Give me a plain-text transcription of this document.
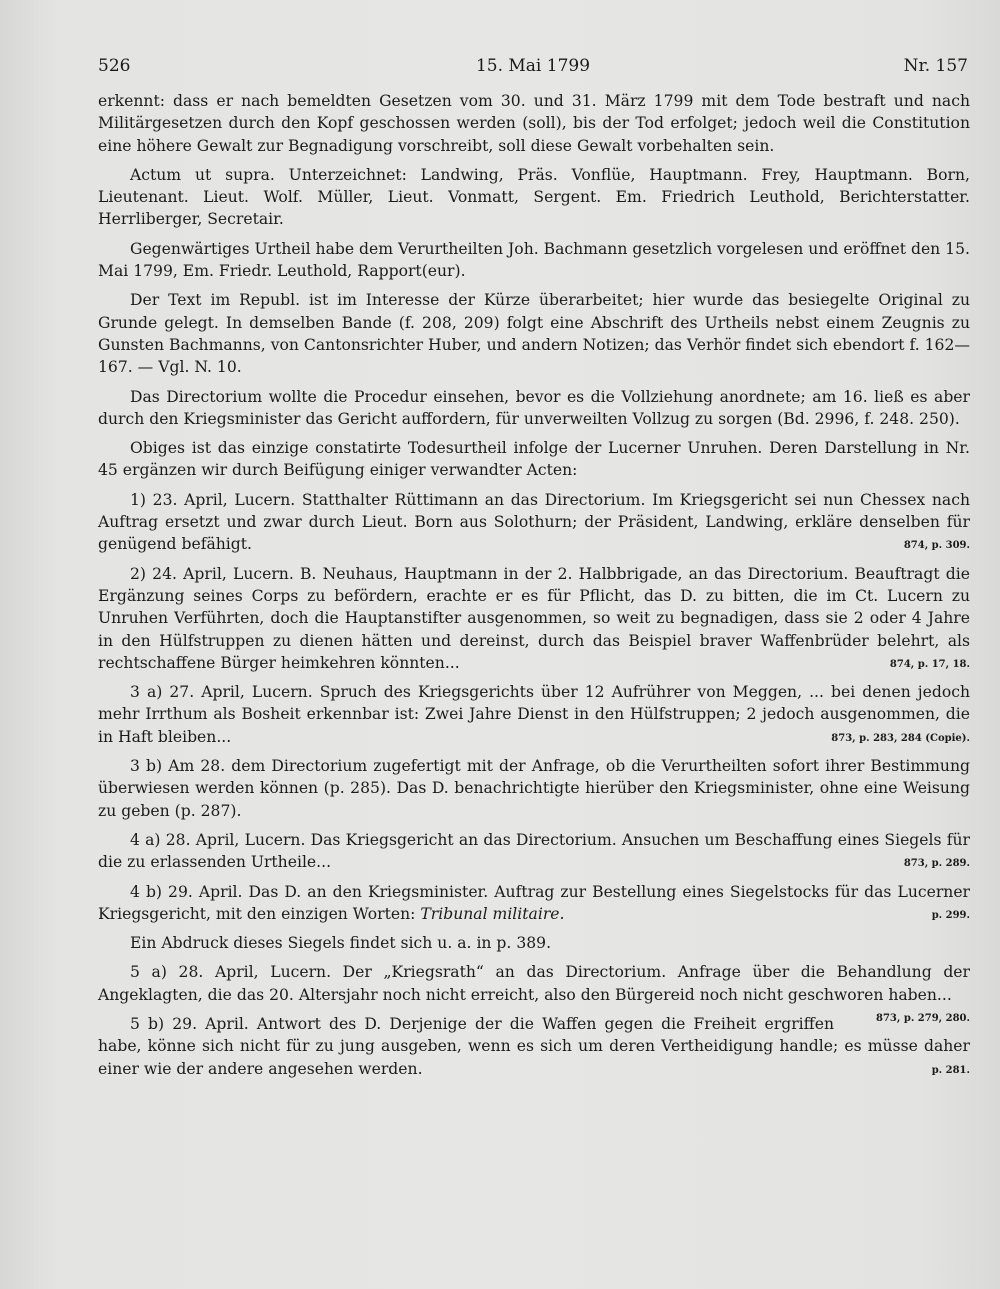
526	15. Mai 1799	Nr. 157

erkennt: dass er nach bemeldten Gesetzen vom 30. und 31. März 1799 mit dem Tode bestraft und nach Militärgesetzen durch den Kopf geschossen werden (soll), bis der Tod erfolget; jedoch weil die Constitution eine höhere Gewalt zur Begnadigung vorschreibt, soll diese Gewalt vorbehalten sein.

Actum ut supra. Unterzeichnet: Landwing, Präs. Vonflüe, Hauptmann. Frey, Hauptmann. Born, Lieutenant. Lieut. Wolf. Müller, Lieut. Vonmatt, Sergent. Em. Friedrich Leuthold, Berichterstatter. Herrliberger, Secretair.

Gegenwärtiges Urtheil habe dem Verurtheilten Joh. Bachmann gesetzlich vorgelesen und eröffnet den 15. Mai 1799, Em. Friedr. Leuthold, Rapport(eur).

Der Text im Republ. ist im Interesse der Kürze überarbeitet; hier wurde das besiegelte Original zu Grunde gelegt. In demselben Bande (f. 208, 209) folgt eine Abschrift des Urtheils nebst einem Zeugnis zu Gunsten Bachmanns, von Cantonsrichter Huber, und andern Notizen; das Verhör findet sich ebendort f. 162—167. — Vgl. N. 10.

Das Directorium wollte die Procedur einsehen, bevor es die Vollziehung anordnete; am 16. ließ es aber durch den Kriegsminister das Gericht auffordern, für unverweilten Vollzug zu sorgen (Bd. 2996, f. 248. 250).

Obiges ist das einzige constatirte Todesurtheil infolge der Lucerner Unruhen. Deren Darstellung in Nr. 45 ergänzen wir durch Beifügung einiger verwandter Acten:

1) 23. April, Lucern. Statthalter Rüttimann an das Directorium. Im Kriegsgericht sei nun Chessex nach Auftrag ersetzt und zwar durch Lieut. Born aus Solothurn; der Präsident, Landwing, erkläre denselben für genügend befähigt.	874, p. 309.

2) 24. April, Lucern. B. Neuhaus, Hauptmann in der 2. Halbbrigade, an das Directorium. Beauftragt die Ergänzung seines Corps zu befördern, erachte er es für Pflicht, das D. zu bitten, die im Ct. Lucern zu Unruhen Verführten, doch die Hauptanstifter ausgenommen, so weit zu begnadigen, dass sie 2 oder 4 Jahre in den Hülfstruppen zu dienen hätten und dereinst, durch das Beispiel braver Waffenbrüder belehrt, als rechtschaffene Bürger heimkehren könnten...	874, p. 17, 18.

3 a) 27. April, Lucern. Spruch des Kriegsgerichts über 12 Aufrührer von Meggen, ... bei denen jedoch mehr Irrthum als Bosheit erkennbar ist: Zwei Jahre Dienst in den Hülfstruppen; 2 jedoch ausgenommen, die in Haft bleiben...	873, p. 283, 284 (Copie).

3 b) Am 28. dem Directorium zugefertigt mit der Anfrage, ob die Verurtheilten sofort ihrer Bestimmung überwiesen werden können (p. 285). Das D. benachrichtigte hierüber den Kriegsminister, ohne eine Weisung zu geben (p. 287).

4 a) 28. April, Lucern. Das Kriegsgericht an das Directorium. Ansuchen um Beschaffung eines Siegels für die zu erlassenden Urtheile...	873, p. 289.

4 b) 29. April. Das D. an den Kriegsminister. Auftrag zur Bestellung eines Siegelstocks für das Lucerner Kriegsgericht, mit den einzigen Worten: Tribunal militaire.	p. 299.

Ein Abdruck dieses Siegels findet sich u. a. in p. 389.

5 a) 28. April, Lucern. Der „Kriegsrath“ an das Directorium. Anfrage über die Behandlung der Angeklagten, die das 20. Altersjahr noch nicht erreicht, also den Bürgereid noch nicht geschworen haben...
873, p. 279, 280.

5 b) 29. April. Antwort des D. Derjenige der die Waffen gegen die Freiheit ergriffen habe, könne sich nicht für zu jung ausgeben, wenn es sich um deren Vertheidigung handle; es müsse daher einer wie der andere angesehen werden.	p. 281.
